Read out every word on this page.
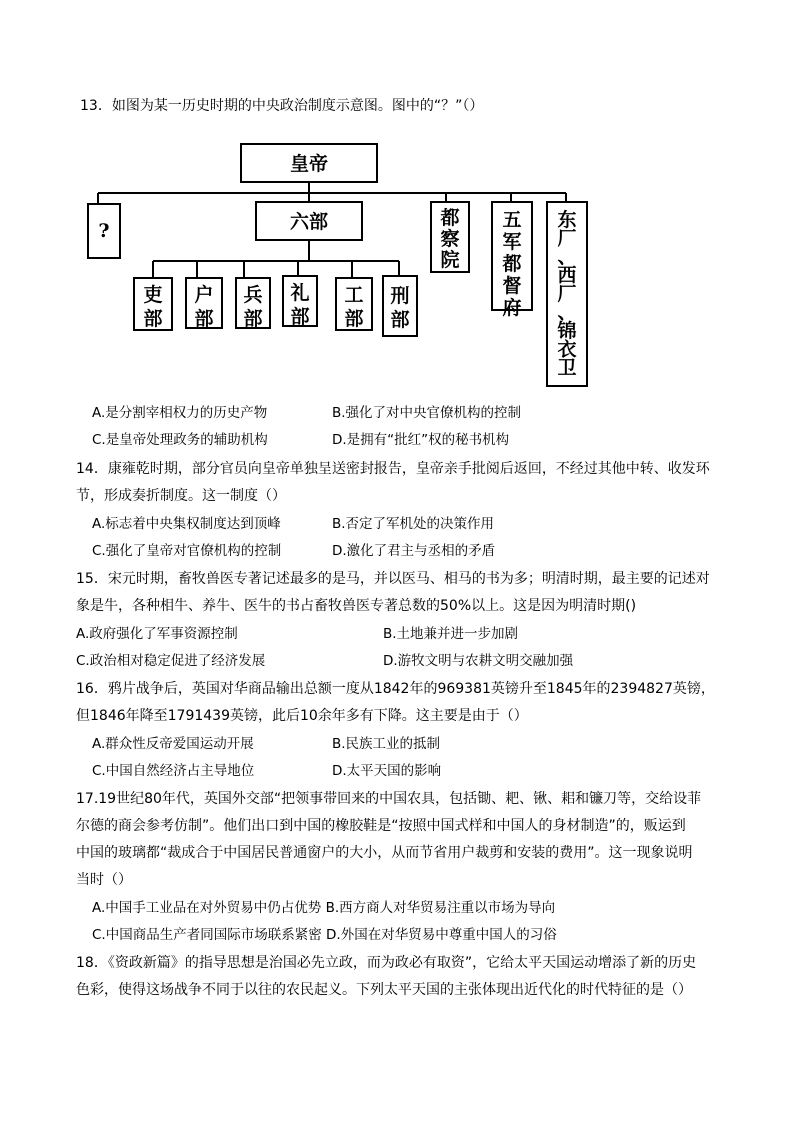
13．如图为某一历史时期的中央政治制度示意图。图中的“？”（）
皇帝
?	六部
吏部
户部
兵部
礼部
工部
刑部
都察院
五军都督府
东厂、西厂、锦衣卫
A.是分割宰相权力的历史产物	B.强化了对中央官僚机构的控制
C.是皇帝处理政务的辅助机构	D.是拥有“批红”权的秘书机构
14．康雍乾时期，部分官员向皇帝单独呈送密封报告，皇帝亲手批阅后返回，不经过其他中转、收发环
节，形成奏折制度。这一制度（）
A.标志着中央集权制度达到顶峰	B.否定了军机处的决策作用
C.强化了皇帝对官僚机构的控制	D.激化了君主与丞相的矛盾
15．宋元时期，畜牧兽医专著记述最多的是马，并以医马、相马的书为多；明清时期，最主要的记述对
象是牛，各种相牛、养牛、医牛的书占畜牧兽医专著总数的50%以上。这是因为明清时期()
A.政府强化了军事资源控制	B.土地兼并进一步加剧
C.政治相对稳定促进了经济发展	D.游牧文明与农耕文明交融加强
16．鸦片战争后，英国对华商品输出总额一度从1842年的969381英镑升至1845年的2394827英镑，
但1846年降至1791439英镑，此后10余年多有下降。这主要是由于（）
A.群众性反帝爱国运动开展	B.民族工业的抵制
C.中国自然经济占主导地位	D.太平天国的影响
17.19世纪80年代，英国外交部“把领事带回来的中国农具，包括锄、耙、锹、耜和镰刀等，交给设菲
尔德的商会参考仿制”。他们出口到中国的橡胶鞋是“按照中国式样和中国人的身材制造”的，贩运到
中国的玻璃都“裁成合于中国居民普通窗户的大小，从而节省用户裁剪和安装的费用”。这一现象说明
当时（）
A.中国手工业品在对外贸易中仍占优势 B.西方商人对华贸易注重以市场为导向
C.中国商品生产者同国际市场联系紧密 D.外国在对华贸易中尊重中国人的习俗
18．《资政新篇》的指导思想是治国必先立政，而为政必有取资”，它给太平天国运动增添了新的历史
色彩，使得这场战争不同于以往的农民起义。下列太平天国的主张体现出近代化的时代特征的是（）
